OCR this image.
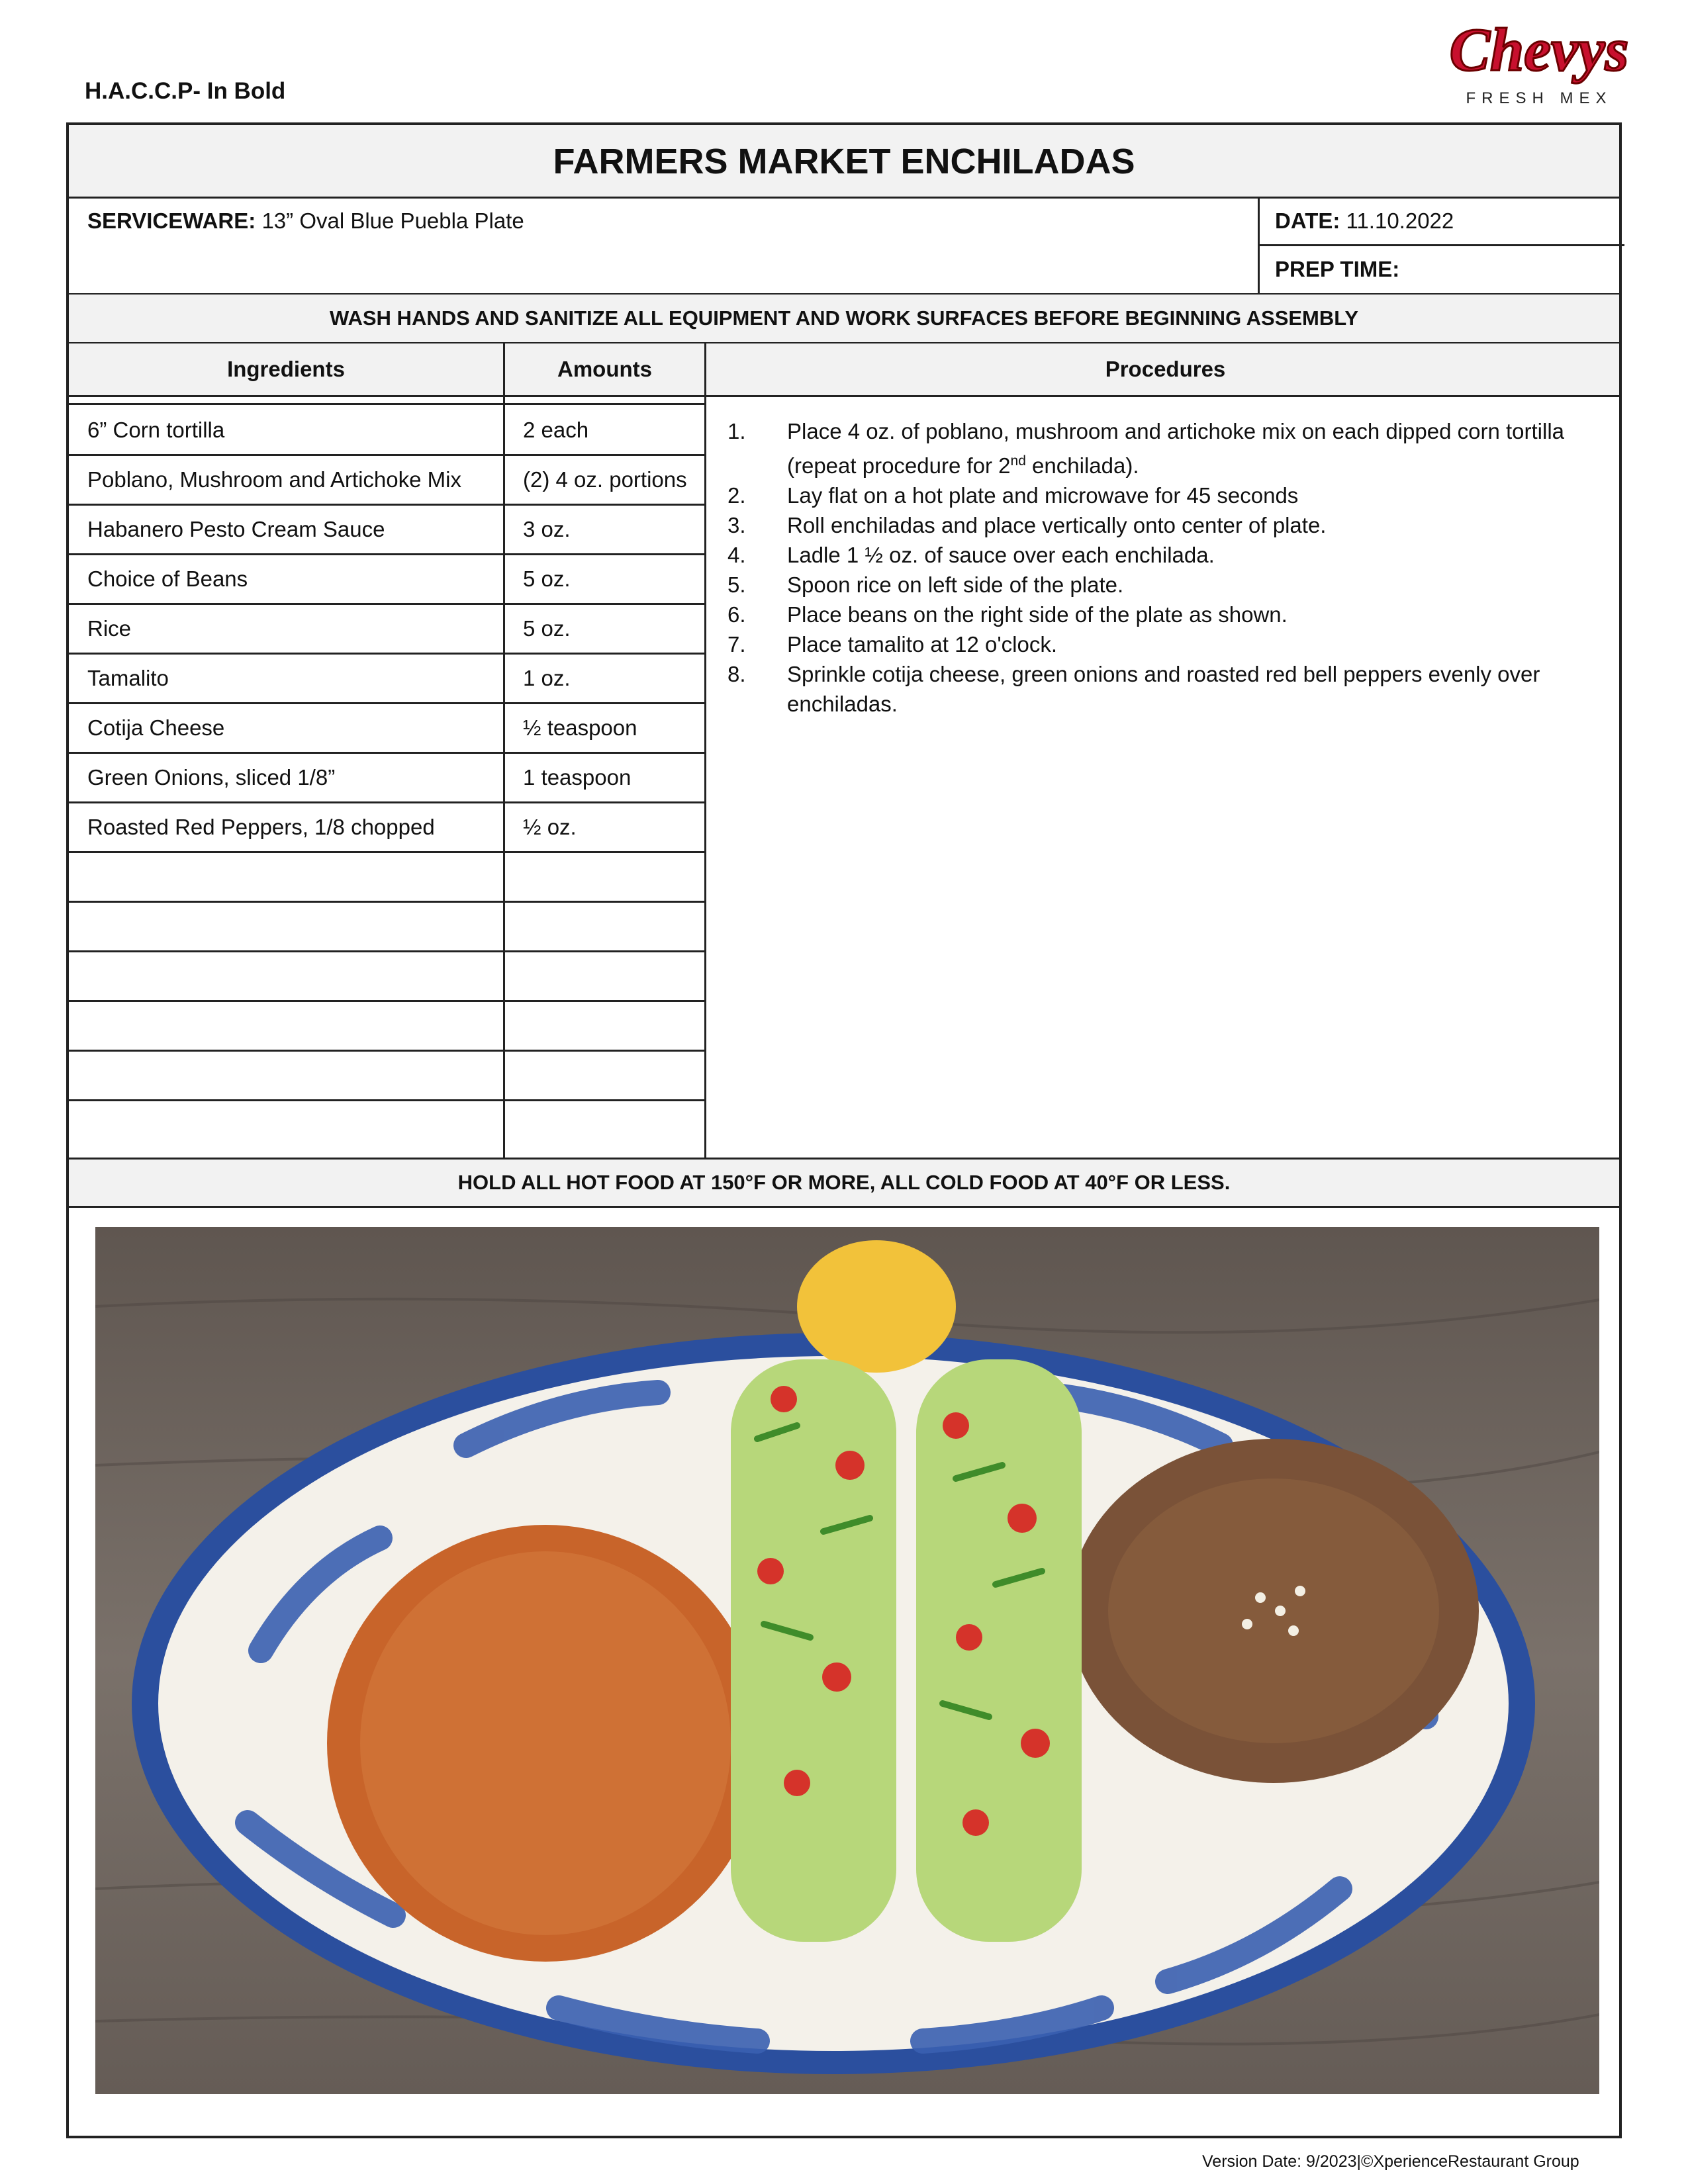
H.A.C.C.P- In Bold
Chevys
FRESH MEX
FARMERS MARKET ENCHILADAS
SERVICEWARE: 13” Oval Blue Puebla Plate	DATE: 11.10.2022
PREP TIME:
WASH HANDS AND SANITIZE ALL EQUIPMENT AND WORK SURFACES BEFORE BEGINNING ASSEMBLY
Ingredients	Amounts	Procedures
6” Corn tortilla	2 each
Poblano, Mushroom and Artichoke Mix	(2) 4 oz. portions
Habanero Pesto Cream Sauce	3 oz.
Choice of Beans	5 oz.
Rice	5 oz.
Tamalito	1 oz.
Cotija Cheese	½ teaspoon
Green Onions, sliced 1/8”	1 teaspoon
Roasted Red Peppers, 1/8 chopped	½ oz.
1. Place 4 oz. of poblano, mushroom and artichoke mix on each dipped corn tortilla (repeat procedure for 2nd enchilada).
2. Lay flat on a hot plate and microwave for 45 seconds
3. Roll enchiladas and place vertically onto center of plate.
4. Ladle 1 ½ oz. of sauce over each enchilada.
5. Spoon rice on left side of the plate.
6. Place beans on the right side of the plate as shown.
7. Place tamalito at 12 o'clock.
8. Sprinkle cotija cheese, green onions and roasted red bell peppers evenly over enchiladas.
HOLD ALL HOT FOOD AT 150°F OR MORE, ALL COLD FOOD AT 40°F OR LESS.
Version Date: 9/2023|©XperienceRestaurant Group
